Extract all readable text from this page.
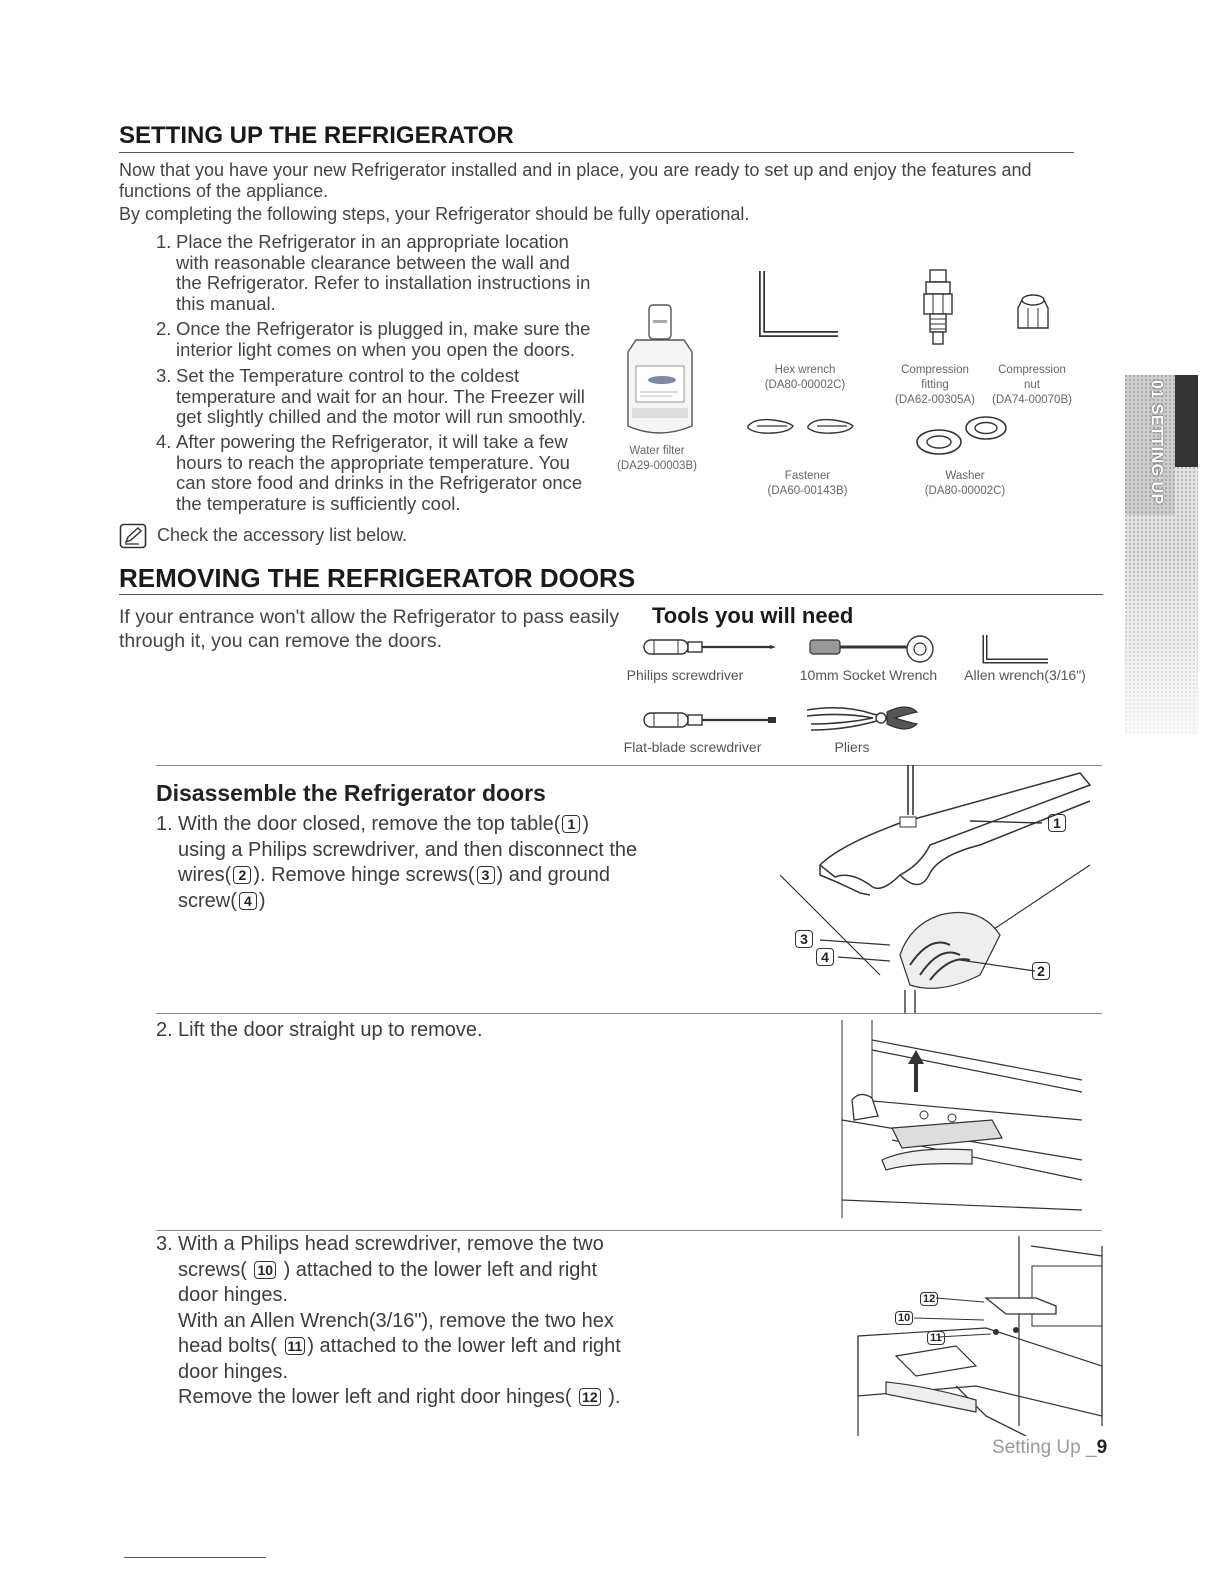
SETTING UP THE REFRIGERATOR
Now that you have your new Refrigerator installed and in place, you are ready to set up and enjoy the features and
functions of the appliance.
By completing the following steps, your Refrigerator should be fully operational.
1. Place the Refrigerator in an appropriate location
with reasonable clearance between the wall and
the Refrigerator. Refer to installation instructions in
this manual.
2. Once the Refrigerator is plugged in, make sure the
interior light comes on when you open the doors.
3. Set the Temperature control to the coldest
temperature and wait for an hour. The Freezer will
get slightly chilled and the motor will run smoothly.
4. After powering the Refrigerator, it will take a few
hours to reach the appropriate temperature. You
can store food and drinks in the Refrigerator once
the temperature is sufficiently cool.
Check the accessory list below.
Water filter
(DA29-00003B)
Hex wrench
(DA80-00002C)
Compression
fitting
(DA62-00305A)
Compression
nut
(DA74-00070B)
Fastener
(DA60-00143B)
Washer
(DA80-00002C)
REMOVING THE REFRIGERATOR DOORS
If your entrance won't allow the Refrigerator to pass easily
through it, you can remove the doors.
Tools you will need
Philips screwdriver	10mm Socket Wrench	Allen wrench(3/16")
Flat-blade screwdriver	Pliers
Disassemble the Refrigerator doors
1. With the door closed, remove the top table( 1 )
using a Philips screwdriver, and then disconnect the
wires( 2 ). Remove hinge screws( 3 ) and ground
screw( 4 )
1
2
3
4
2. Lift the door straight up to remove.
3. With a Philips head screwdriver, remove the two
screws( 10 ) attached to the lower left and right
door hinges.
With an Allen Wrench(3/16"), remove the two hex
head bolts( 11 ) attached to the lower left and right
door hinges.
Remove the lower left and right door hinges( 12 ).
12
10
11
01 SETTING UP
Setting Up _9
